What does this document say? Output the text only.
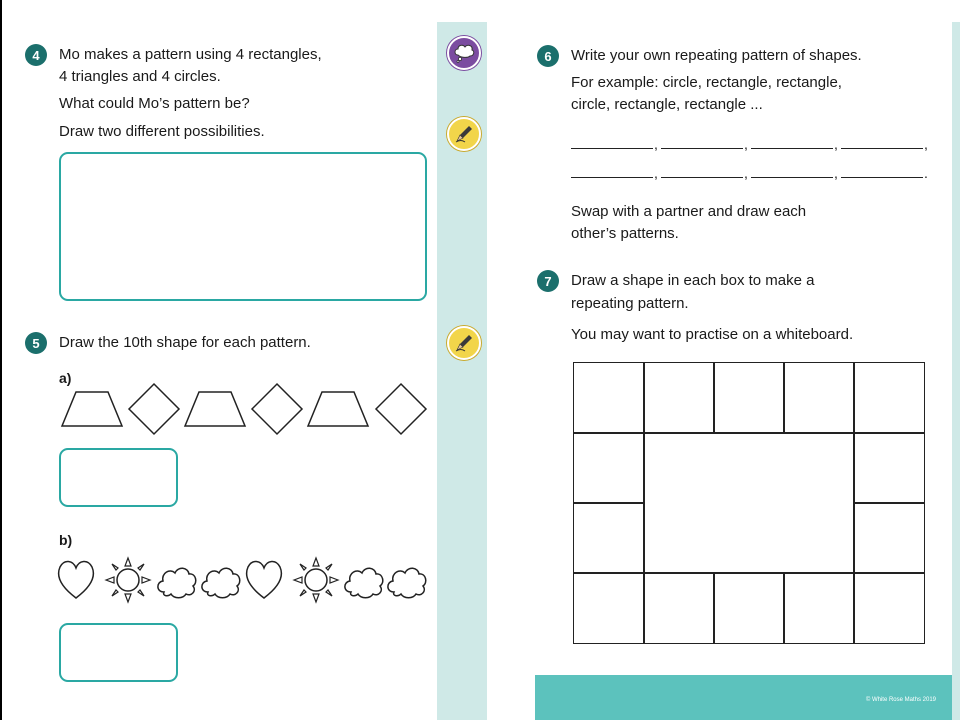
© White Rose Maths 2019
4	Mo makes a pattern using 4 rectangles,
4 triangles and 4 circles.
What could Mo’s pattern be?
Draw two different possibilities.
5	Draw the 10th shape for each pattern.
a)
b)
6	Write your own repeating pattern of shapes.
For example: circle, rectangle, rectangle,
circle, rectangle, rectangle ...
,	,	,	,
,	,	,	.
Swap with a partner and draw each
other’s patterns.
7	Draw a shape in each box to make a
repeating pattern.
You may want to practise on a whiteboard.
